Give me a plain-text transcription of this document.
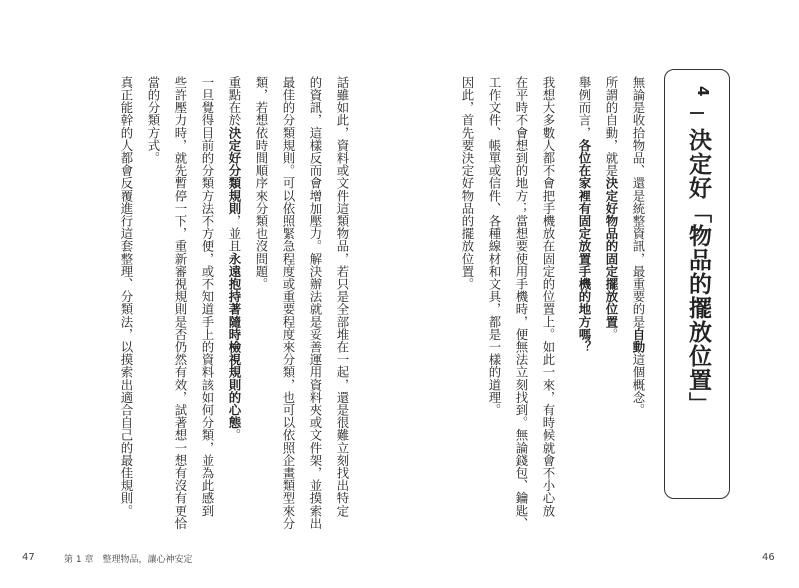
4
決定好「物品的擺放位置」
無論是收拾物品、還是統整資訊，最重要的是自動這個概念。
所謂的自動，就是決定好物品的固定擺放位置。
舉例而言，各位在家裡有固定放置手機的地方嗎？
我想大多數人都不會把手機放在固定的位置上。如此一來，有時候就會不小心放
在平時不會想到的地方；當想要使用手機時，便無法立刻找到。無論錢包、鑰匙、
工作文件、帳單或信件、各種線材和文具，都是一樣的道理。
因此，首先要決定好物品的擺放位置。
話雖如此，資料或文件這類物品，若只是全部堆在一起，還是很難立刻找出特定
的資訊，這樣反而會增加壓力。解決辦法就是妥善運用資料夾或文件架，並摸索出
最佳的分類規則。可以依照緊急程度或重要程度來分類，也可以依照企畫類型來分
類，若想依時間順序來分類也沒問題。
重點在於決定好分類規則，並且永遠抱持著隨時檢視規則的心態。
一旦覺得目前的分類方法不方便，或不知道手上的資料該如何分類，並為此感到
些許壓力時，就先暫停一下，重新審視規則是否仍然有效，試著想一想有沒有更恰
當的分類方式。
真正能幹的人都會反覆進行這套整理、分類法，以摸索出適合自己的最佳規則。
47	第 1 章　整理物品，讓心神安定	46
